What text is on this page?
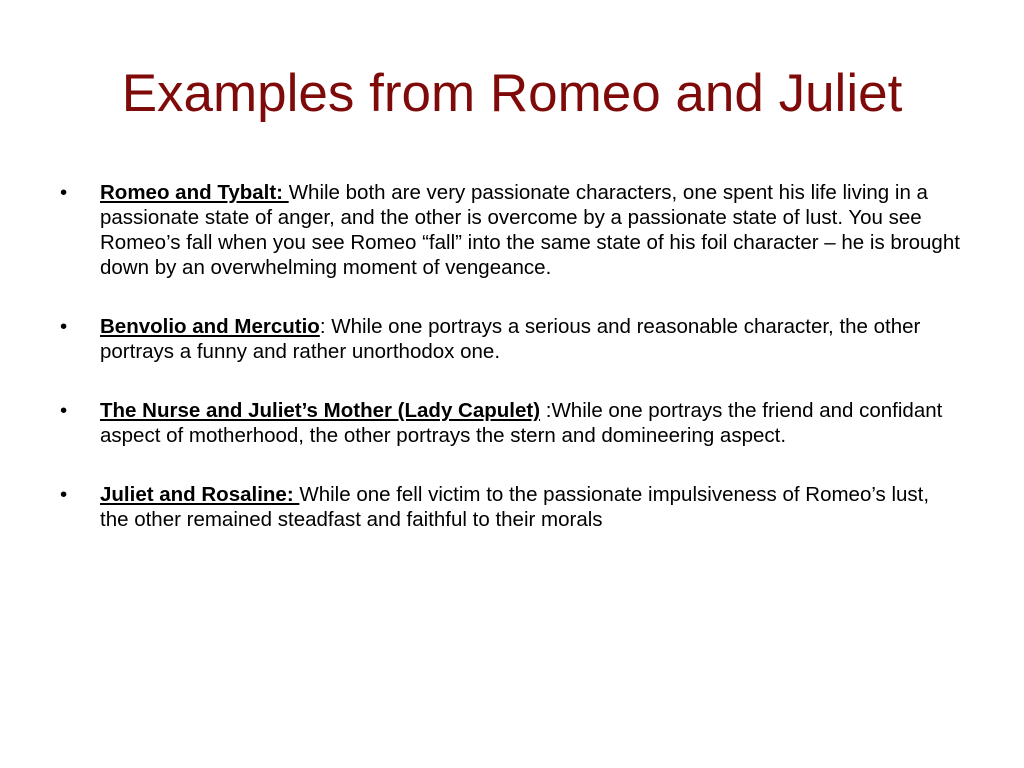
Examples from Romeo and Juliet
•	Romeo and Tybalt: While both are very passionate characters, one spent his life living in a passionate state of anger, and the other is overcome by a passionate state of lust. You see Romeo’s fall when you see Romeo “fall” into the same state of his foil character – he is brought down by an overwhelming moment of vengeance.
•	Benvolio and Mercutio: While one portrays a serious and reasonable character, the other portrays a funny and rather unorthodox one.
•	The Nurse and Juliet’s Mother (Lady Capulet) :While one portrays the friend and confidant aspect of motherhood, the other portrays the stern and domineering aspect.
•	Juliet and Rosaline: While one fell victim to the passionate impulsiveness of Romeo’s lust, the other remained steadfast and faithful to their morals
